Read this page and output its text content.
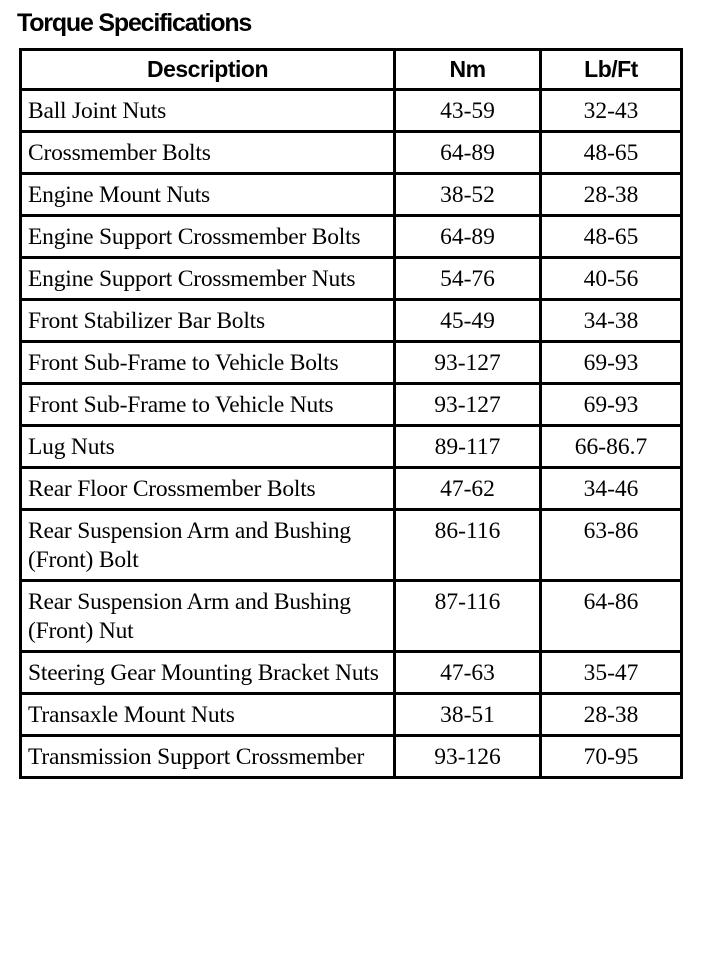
Torque Specifications
Description	Nm	Lb/Ft
Ball Joint Nuts	43-59	32-43
Crossmember Bolts	64-89	48-65
Engine Mount Nuts	38-52	28-38
Engine Support Crossmember Bolts	64-89	48-65
Engine Support Crossmember Nuts	54-76	40-56
Front Stabilizer Bar Bolts	45-49	34-38
Front Sub-Frame to Vehicle Bolts	93-127	69-93
Front Sub-Frame to Vehicle Nuts	93-127	69-93
Lug Nuts	89-117	66-86.7
Rear Floor Crossmember Bolts	47-62	34-46
Rear Suspension Arm and Bushing (Front) Bolt	86-116	63-86
Rear Suspension Arm and Bushing (Front) Nut	87-116	64-86
Steering Gear Mounting Bracket Nuts	47-63	35-47
Transaxle Mount Nuts	38-51	28-38
Transmission Support Crossmember	93-126	70-95
